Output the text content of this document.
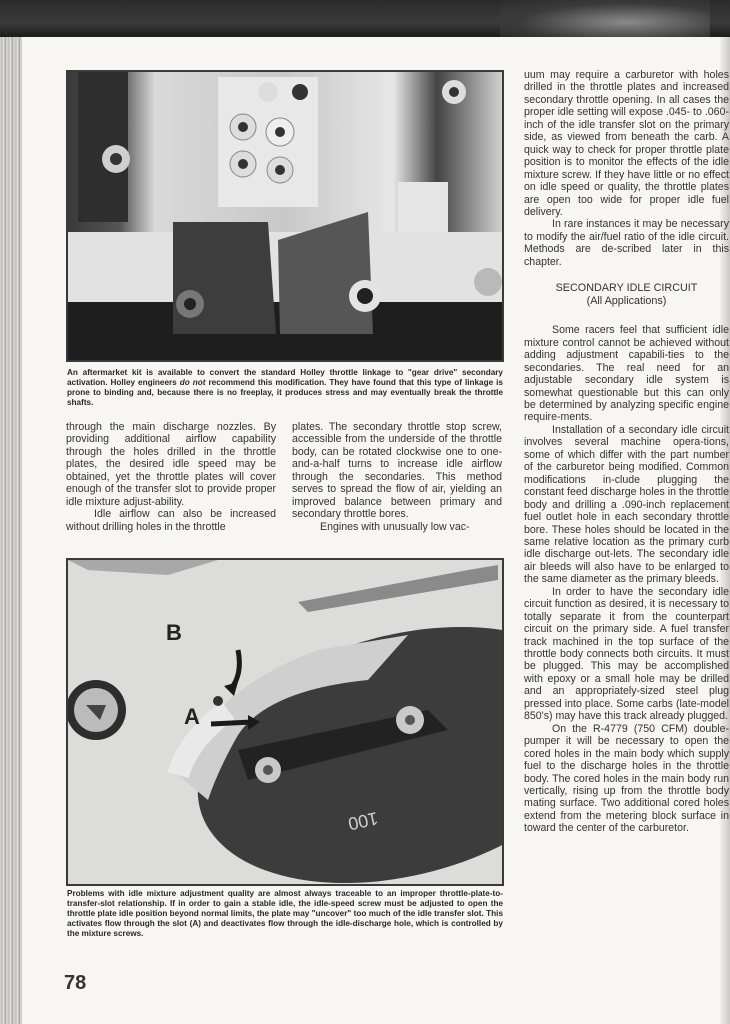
An aftermarket kit is available to convert the standard Holley throttle linkage to "gear drive" secondary activation. Holley engineers do not recommend this modification. They have found that this type of linkage is prone to binding and, because there is no freeplay, it produces stress and may eventually break the throttle shafts.

through the main discharge nozzles. By providing additional airflow capability through the holes drilled in the throttle plates, the desired idle speed may be obtained, yet the throttle plates will cover enough of the transfer slot to provide proper idle mixture adjust-ability.

Idle airflow can also be increased without drilling holes in the throttle

plates. The secondary throttle stop screw, accessible from the underside of the throttle body, can be rotated clockwise one to one-and-a-half turns to increase idle airflow through the secondaries. This method serves to spread the flow of air, yielding an improved balance between primary and secondary throttle bores.

Engines with unusually low vac-

100
B
A
Problems with idle mixture adjustment quality are almost always traceable to an improper throttle-plate-to-transfer-slot relationship. If in order to gain a stable idle, the idle-speed screw must be adjusted to open the throttle plate idle position beyond normal limits, the plate may "uncover" too much of the idle transfer slot. This activates flow through the slot (A) and deactivates flow through the idle-discharge hole, which is controlled by the mixture screws.

uum may require a carburetor with holes drilled in the throttle plates and increased secondary throttle opening. In all cases the proper idle setting will expose .045- to .060-inch of the idle transfer slot on the primary side, as viewed from beneath the carb. A quick way to check for proper throttle plate position is to monitor the effects of the idle mixture screw. If they have little or no effect on idle speed or quality, the throttle plates are open too wide for proper idle fuel delivery.

In rare instances it may be necessary to modify the air/fuel ratio of the idle circuit. Methods are de-scribed later in this chapter.

SECONDARY IDLE CIRCUIT
(All Applications)

Some racers feel that sufficient idle mixture control cannot be achieved without adding adjustment capabili-ties to the secondaries. The real need for an adjustable secondary idle system is somewhat questionable but this can only be determined by analyzing specific engine require-ments.

Installation of a secondary idle circuit involves several machine opera-tions, some of which differ with the part number of the carburetor being modified. Common modifications in-clude plugging the constant feed discharge holes in the throttle body and drilling a .090-inch replacement fuel outlet hole in each secondary throttle bore. These holes should be located in the same relative location as the primary curb idle discharge out-lets. The secondary idle air bleeds will also have to be enlarged to the same diameter as the primary bleeds.

In order to have the secondary idle circuit function as desired, it is necessary to totally separate it from the counterpart circuit on the primary side. A fuel transfer track machined in the top surface of the throttle body connects both circuits. It must be plugged. This may be accomplished with epoxy or a small hole may be drilled and an appropriately-sized steel plug pressed into place. Some carbs (late-model 850's) may have this track already plugged.

On the R-4779 (750 CFM) double-pumper it will be necessary to open the cored holes in the main body which supply fuel to the discharge holes in the throttle body. The cored holes in the main body run vertically, rising up from the throttle body mating surface. Two additional cored holes extend from the metering block surface in toward the center of the carburetor.

78
